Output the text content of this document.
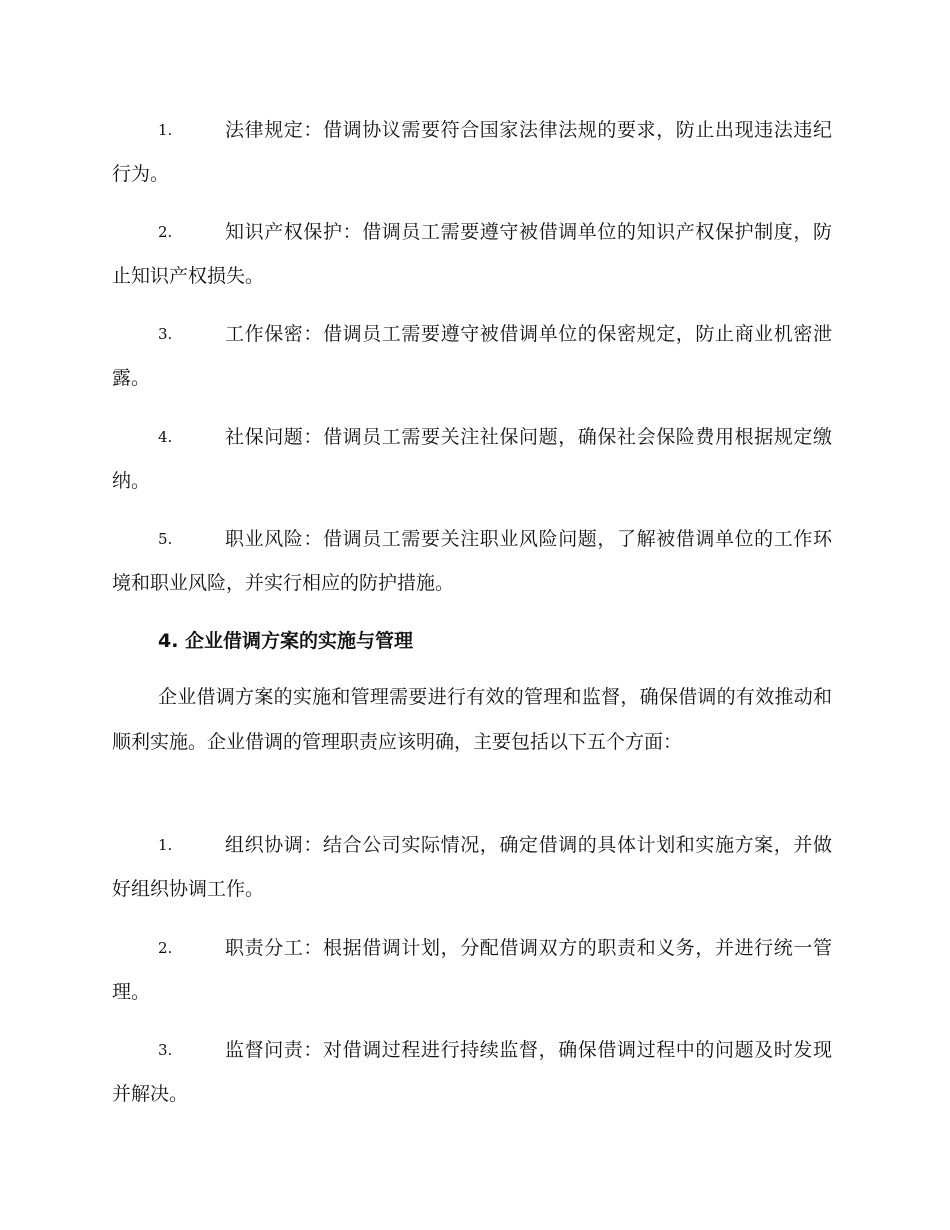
1.	法律规定：借调协议需要符合国家法律法规的要求，防止出现违法违纪行为。
2.	知识产权保护：借调员工需要遵守被借调单位的知识产权保护制度，防止知识产权损失。
3.	工作保密：借调员工需要遵守被借调单位的保密规定，防止商业机密泄露。
4.	社保问题：借调员工需要关注社保问题，确保社会保险费用根据规定缴纳。
5.	职业风险：借调员工需要关注职业风险问题，了解被借调单位的工作环境和职业风险，并实行相应的防护措施。
4. 企业借调方案的实施与管理
企业借调方案的实施和管理需要进行有效的管理和监督，确保借调的有效推动和顺利实施。企业借调的管理职责应该明确，主要包括以下五个方面：
1.	组织协调：结合公司实际情况，确定借调的具体计划和实施方案，并做好组织协调工作。
2.	职责分工：根据借调计划，分配借调双方的职责和义务，并进行统一管理。
3.	监督问责：对借调过程进行持续监督，确保借调过程中的问题及时发现并解决。
